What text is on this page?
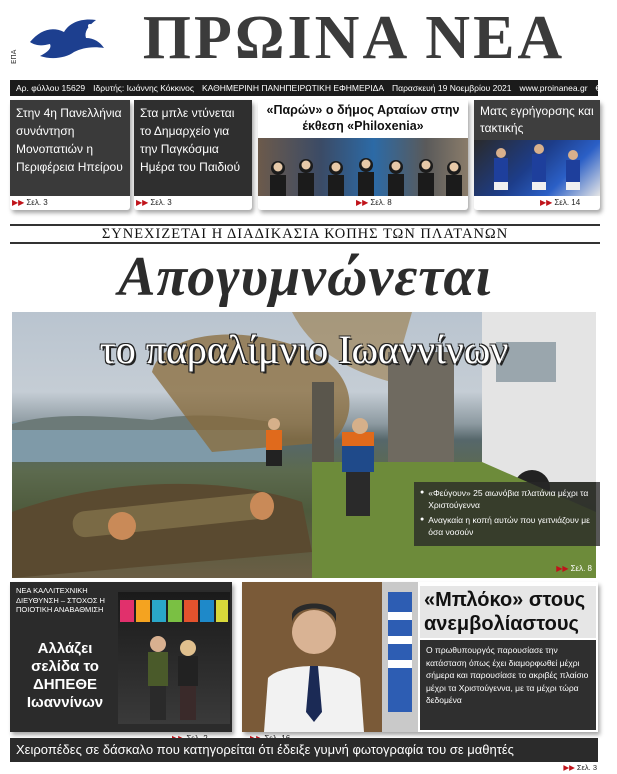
ΕΠΑ	ΠΡΩΙΝΑ ΝΕΑ
Αρ. φύλλου 15629 Ιδρυτής: Ιωάννης Κόκκινος ΚΑΘΗΜΕΡΙΝΗ ΠΑΝΗΠΕΙΡΩΤΙΚΗ ΕΦΗΜΕΡΙΔΑ Παρασκευή 19 Νοεμβρίου 2021 www.proinanea.gr €0,50
Στην 4η Πανελλήνια συνάντηση Μονοπατιών η Περιφέρεια Ηπείρου
▶▶ Σελ. 3
Στα μπλε ντύνεται το Δημαρχείο για την Παγκόσμια Ημέρα του Παιδιού
▶▶ Σελ. 3
«Παρών» ο δήμος Αρταίων στην έκθεση «Philoxenia»
▶▶ Σελ. 8
Ματς εγρήγορσης και τακτικής
▶▶ Σελ. 14
ΣΥΝΕΧΙΖΕΤΑΙ Η ΔΙΑΔΙΚΑΣΙΑ ΚΟΠΗΣ ΤΩΝ ΠΛΑΤΑΝΩΝ
Απογυμνώνεται
το παραλίμνιο Ιωαννίνων
● «Φεύγουν» 25 αιωνόβια πλατάνια μέχρι τα Χριστούγεννα
● Αναγκαία η κοπή αυτών που γειτνιάζουν με όσα νοσούν
▶▶ Σελ. 8
ΝΕΑ ΚΑΛΛΙΤΕΧΝΙΚΗ ΔΙΕΥΘΥΝΣΗ – ΣΤΟΧΟΣ Η ΠΟΙΟΤΙΚΗ ΑΝΑΒΑΘΜΙΣΗ
Αλλάζει σελίδα το ΔΗΠΕΘΕ Ιωαννίνων
«Μπλόκο» στους ανεμβολίαστους
Ο πρωθυπουργός παρουσίασε την κατάσταση όπως έχει διαμορφωθεί μέχρι σήμερα και παρουσίασε το ακριβές πλαίσιο μέχρι τα Χριστούγεννα, με τα μέχρι τώρα δεδομένα
Χειροπέδες σε δάσκαλο που κατηγορείται ότι έδειξε γυμνή φωτογραφία του σε μαθητές
▶▶ Σελ. 3
